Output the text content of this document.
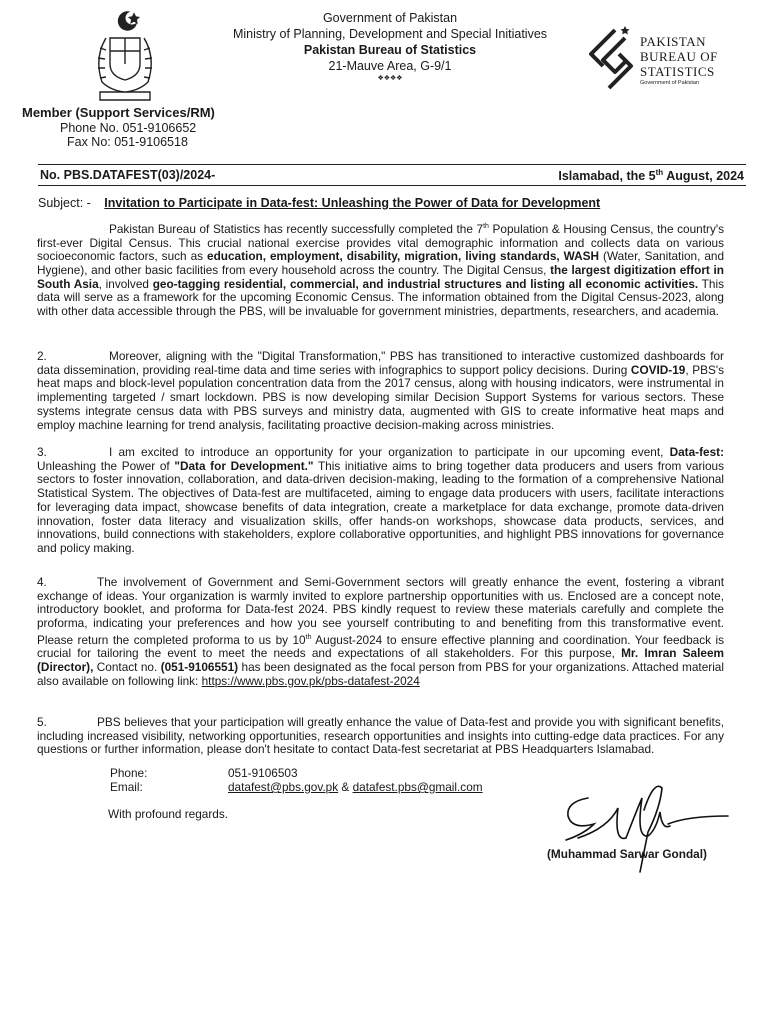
Government of Pakistan
Ministry of Planning, Development and Special Initiatives
Pakistan Bureau of Statistics
21-Mauve Area, G-9/1
❖❖❖❖
PAKISTAN
BUREAU OF
STATISTICS
Government of Pakistan
Member (Support Services/RM)
Phone No. 051-9106652
Fax No: 051-9106518
No. PBS.DATAFEST(03)/2024-	Islamabad, the 5th August, 2024
Subject: - Invitation to Participate in Data-fest: Unleashing the Power of Data for Development
Pakistan Bureau of Statistics has recently successfully completed the 7th Population & Housing Census, the country's first-ever Digital Census. This crucial national exercise provides vital demographic information and collects data on various socioeconomic factors, such as education, employment, disability, migration, living standards, WASH (Water, Sanitation, and Hygiene), and other basic facilities from every household across the country. The Digital Census, the largest digitization effort in South Asia, involved geo-tagging residential, commercial, and industrial structures and listing all economic activities. This data will serve as a framework for the upcoming Economic Census. The information obtained from the Digital Census-2023, along with other data accessible through the PBS, will be invaluable for government ministries, departments, researchers, and academia.
2.	Moreover, aligning with the "Digital Transformation," PBS has transitioned to interactive customized dashboards for data dissemination, providing real-time data and time series with infographics to support policy decisions. During COVID-19, PBS's heat maps and block-level population concentration data from the 2017 census, along with housing indicators, were instrumental in implementing targeted / smart lockdown. PBS is now developing similar Decision Support Systems for various sectors. These systems integrate census data with PBS surveys and ministry data, augmented with GIS to create informative heat maps and employ machine learning for trend analysis, facilitating proactive decision-making across ministries.
3.	I am excited to introduce an opportunity for your organization to participate in our upcoming event, Data-fest: Unleashing the Power of "Data for Development." This initiative aims to bring together data producers and users from various sectors to foster innovation, collaboration, and data-driven decision-making, leading to the formation of a comprehensive National Statistical System. The objectives of Data-fest are multifaceted, aiming to engage data producers with users, facilitate interactions for leveraging data impact, showcase benefits of data integration, create a marketplace for data exchange, promote data-driven innovation, foster data literacy and visualization skills, offer hands-on workshops, showcase data products, services, and innovations, build connections with stakeholders, explore collaborative opportunities, and highlight PBS innovations for governance and policy making.
4.	The involvement of Government and Semi-Government sectors will greatly enhance the event, fostering a vibrant exchange of ideas. Your organization is warmly invited to explore partnership opportunities with us. Enclosed are a concept note, introductory booklet, and proforma for Data-fest 2024. PBS kindly request to review these materials carefully and complete the proforma, indicating your preferences and how you see yourself contributing to and benefiting from this transformative event. Please return the completed proforma to us by 10th August-2024 to ensure effective planning and coordination. Your feedback is crucial for tailoring the event to meet the needs and expectations of all stakeholders. For this purpose, Mr. Imran Saleem (Director), Contact no. (051-9106551) has been designated as the focal person from PBS for your organizations. Attached material also available on following link: https://www.pbs.gov.pk/pbs-datafest-2024
5.	PBS believes that your participation will greatly enhance the value of Data-fest and provide you with significant benefits, including increased visibility, networking opportunities, research opportunities and insights into cutting-edge data practices. For any questions or further information, please don't hesitate to contact Data-fest secretariat at PBS Headquarters Islamabad.
Phone:	051-9106503
Email:	datafest@pbs.gov.pk & datafest.pbs@gmail.com
With profound regards.
(Muhammad Sarwar Gondal)
